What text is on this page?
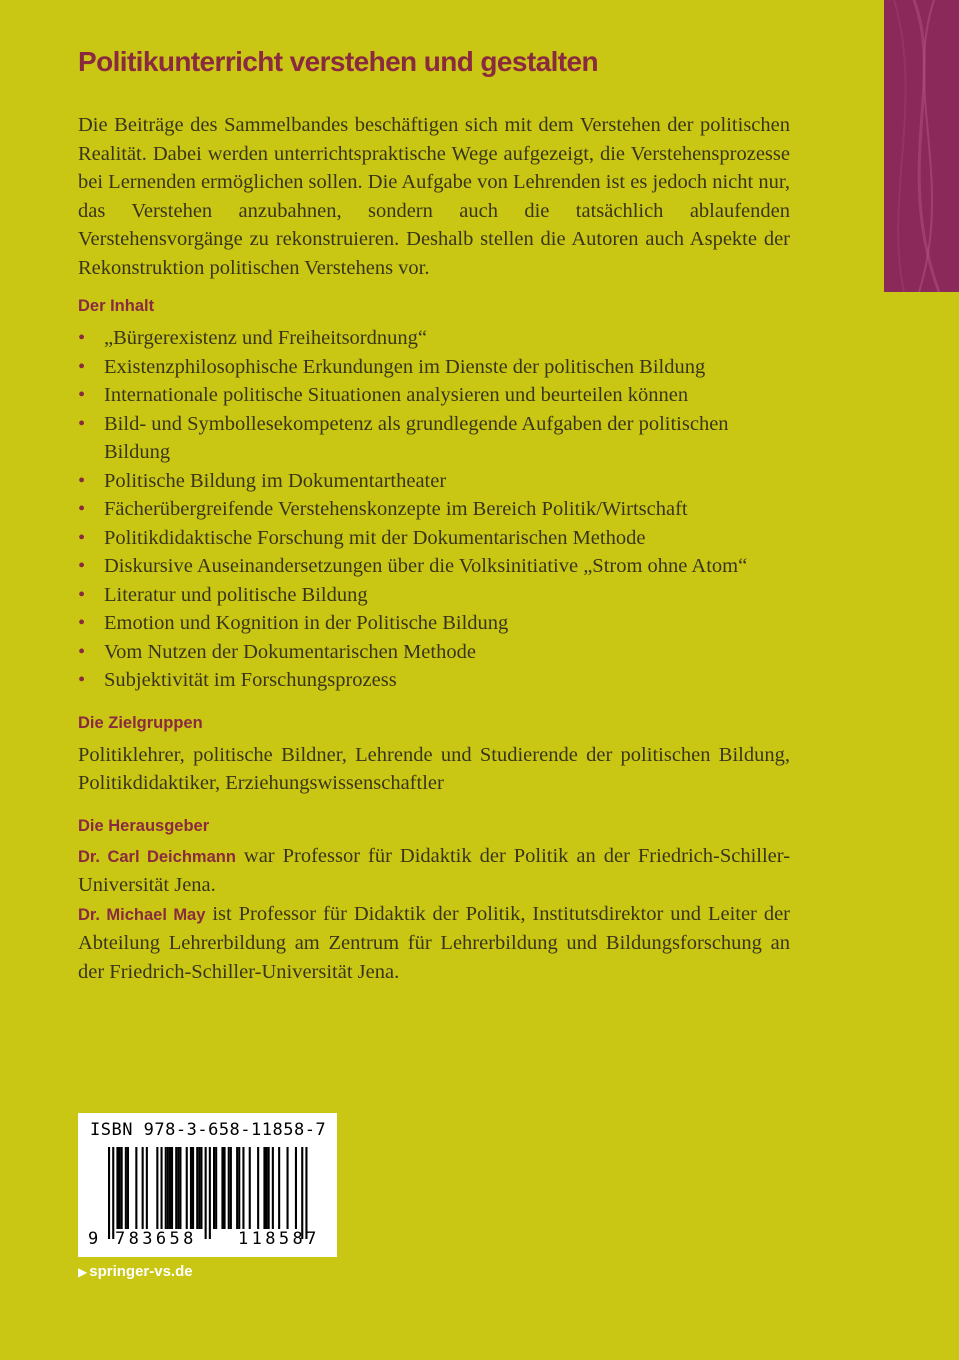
Politikunterricht verstehen und gestalten

Die Beiträge des Sammelbandes beschäftigen sich mit dem Verstehen der politischen Realität. Dabei werden unterrichtspraktische Wege aufgezeigt, die Verstehensprozesse bei Lernenden ermöglichen sollen. Die Aufgabe von Lehrenden ist es jedoch nicht nur, das Verstehen anzubahnen, sondern auch die tatsächlich ablaufenden Verstehensvorgänge zu rekonstruieren. Deshalb stellen die Autoren auch Aspekte der Rekonstruktion politischen Verstehens vor.

Der Inhalt
• „Bürgerexistenz und Freiheitsordnung“
• Existenzphilosophische Erkundungen im Dienste der politischen Bildung
• Internationale politische Situationen analysieren und beurteilen können
• Bild- und Symbollesekompetenz als grundlegende Aufgaben der politischen Bildung
• Politische Bildung im Dokumentartheater
• Fächerübergreifende Verstehenskonzepte im Bereich Politik/Wirtschaft
• Politikdidaktische Forschung mit der Dokumentarischen Methode
• Diskursive Auseinandersetzungen über die Volksinitiative „Strom ohne Atom“
• Literatur und politische Bildung
• Emotion und Kognition in der Politische Bildung
• Vom Nutzen der Dokumentarischen Methode
• Subjektivität im Forschungsprozess
Die Zielgruppen

Politiklehrer, politische Bildner, Lehrende und Studierende der politischen Bildung, Politikdidaktiker, Erziehungswissenschaftler

Die Herausgeber

Dr. Carl Deichmann war Professor für Didaktik der Politik an der Friedrich-Schiller-Universität Jena.

Dr. Michael May ist Professor für Didaktik der Politik, Institutsdirektor und Leiter der Abteilung Lehrerbildung am Zentrum für Lehrerbildung und Bildungsforschung an der Friedrich-Schiller-Universität Jena.

ISBN 978-3-658-11858-7
9 783658 118587
▶ springer-vs.de
